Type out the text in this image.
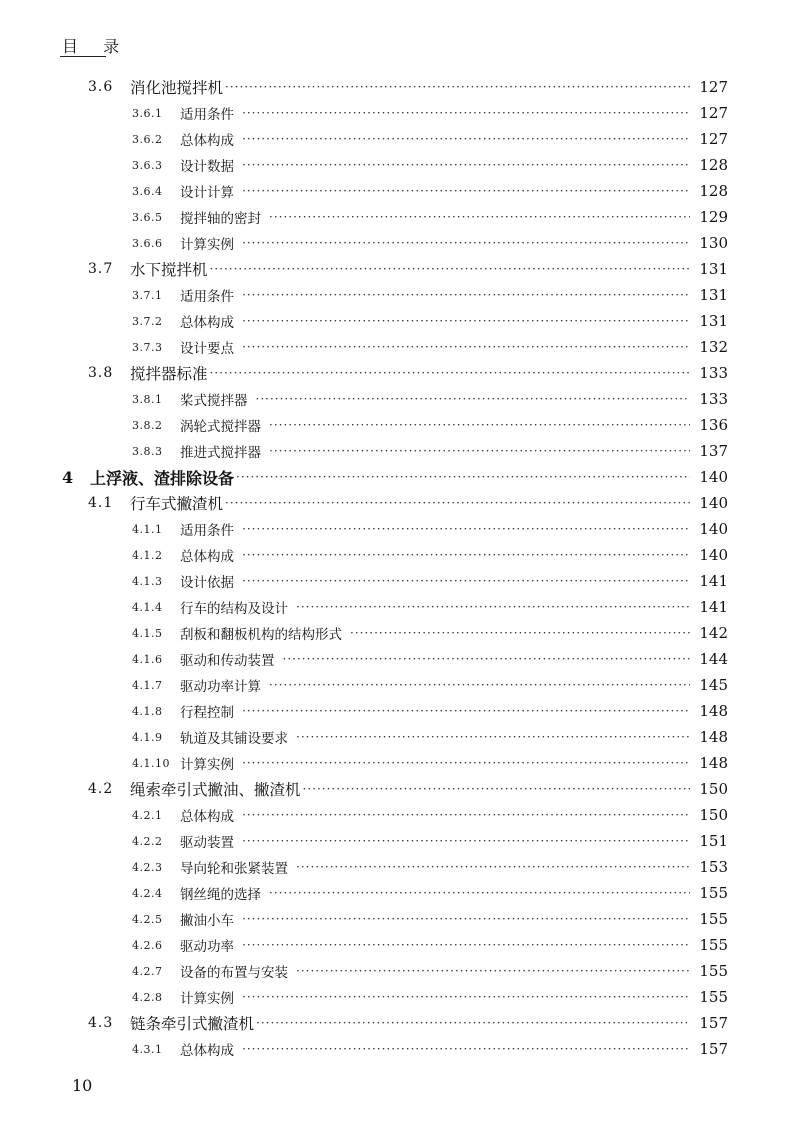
目 录
3.6	消化池搅拌机 ·····	127
3.6.1	适用条件 ·····	127
3.6.2	总体构成 ·····	127
3.6.3	设计数据 ·····	128
3.6.4	设计计算 ·····	128
3.6.5	搅拌轴的密封 ·····	129
3.6.6	计算实例 ·····	130
3.7	水下搅拌机 ·····	131
3.7.1	适用条件 ·····	131
3.7.2	总体构成 ·····	131
3.7.3	设计要点 ·····	132
3.8	搅拌器标准 ·····	133
3.8.1	桨式搅拌器 ·····	133
3.8.2	涡轮式搅拌器 ·····	136
3.8.3	推进式搅拌器 ·····	137
4	上浮液、渣排除设备 ·····	140
4.1	行车式撇渣机 ·····	140
4.1.1	适用条件 ·····	140
4.1.2	总体构成 ·····	140
4.1.3	设计依据 ·····	141
4.1.4	行车的结构及设计 ·····	141
4.1.5	刮板和翻板机构的结构形式 ·····	142
4.1.6	驱动和传动装置 ·····	144
4.1.7	驱动功率计算 ·····	145
4.1.8	行程控制 ·····	148
4.1.9	轨道及其铺设要求 ·····	148
4.1.10 计算实例 ·····	148
4.2	绳索牵引式撇油、撇渣机 ·····	150
4.2.1	总体构成 ·····	150
4.2.2	驱动装置 ·····	151
4.2.3	导向轮和张紧装置 ·····	153
4.2.4	钢丝绳的选择 ·····	155
4.2.5	撇油小车 ·····	155
4.2.6	驱动功率 ·····	155
4.2.7	设备的布置与安装 ·····	155
4.2.8	计算实例 ·····	155
4.3	链条牵引式撇渣机 ·····	157
4.3.1	总体构成 ·····	157
10
